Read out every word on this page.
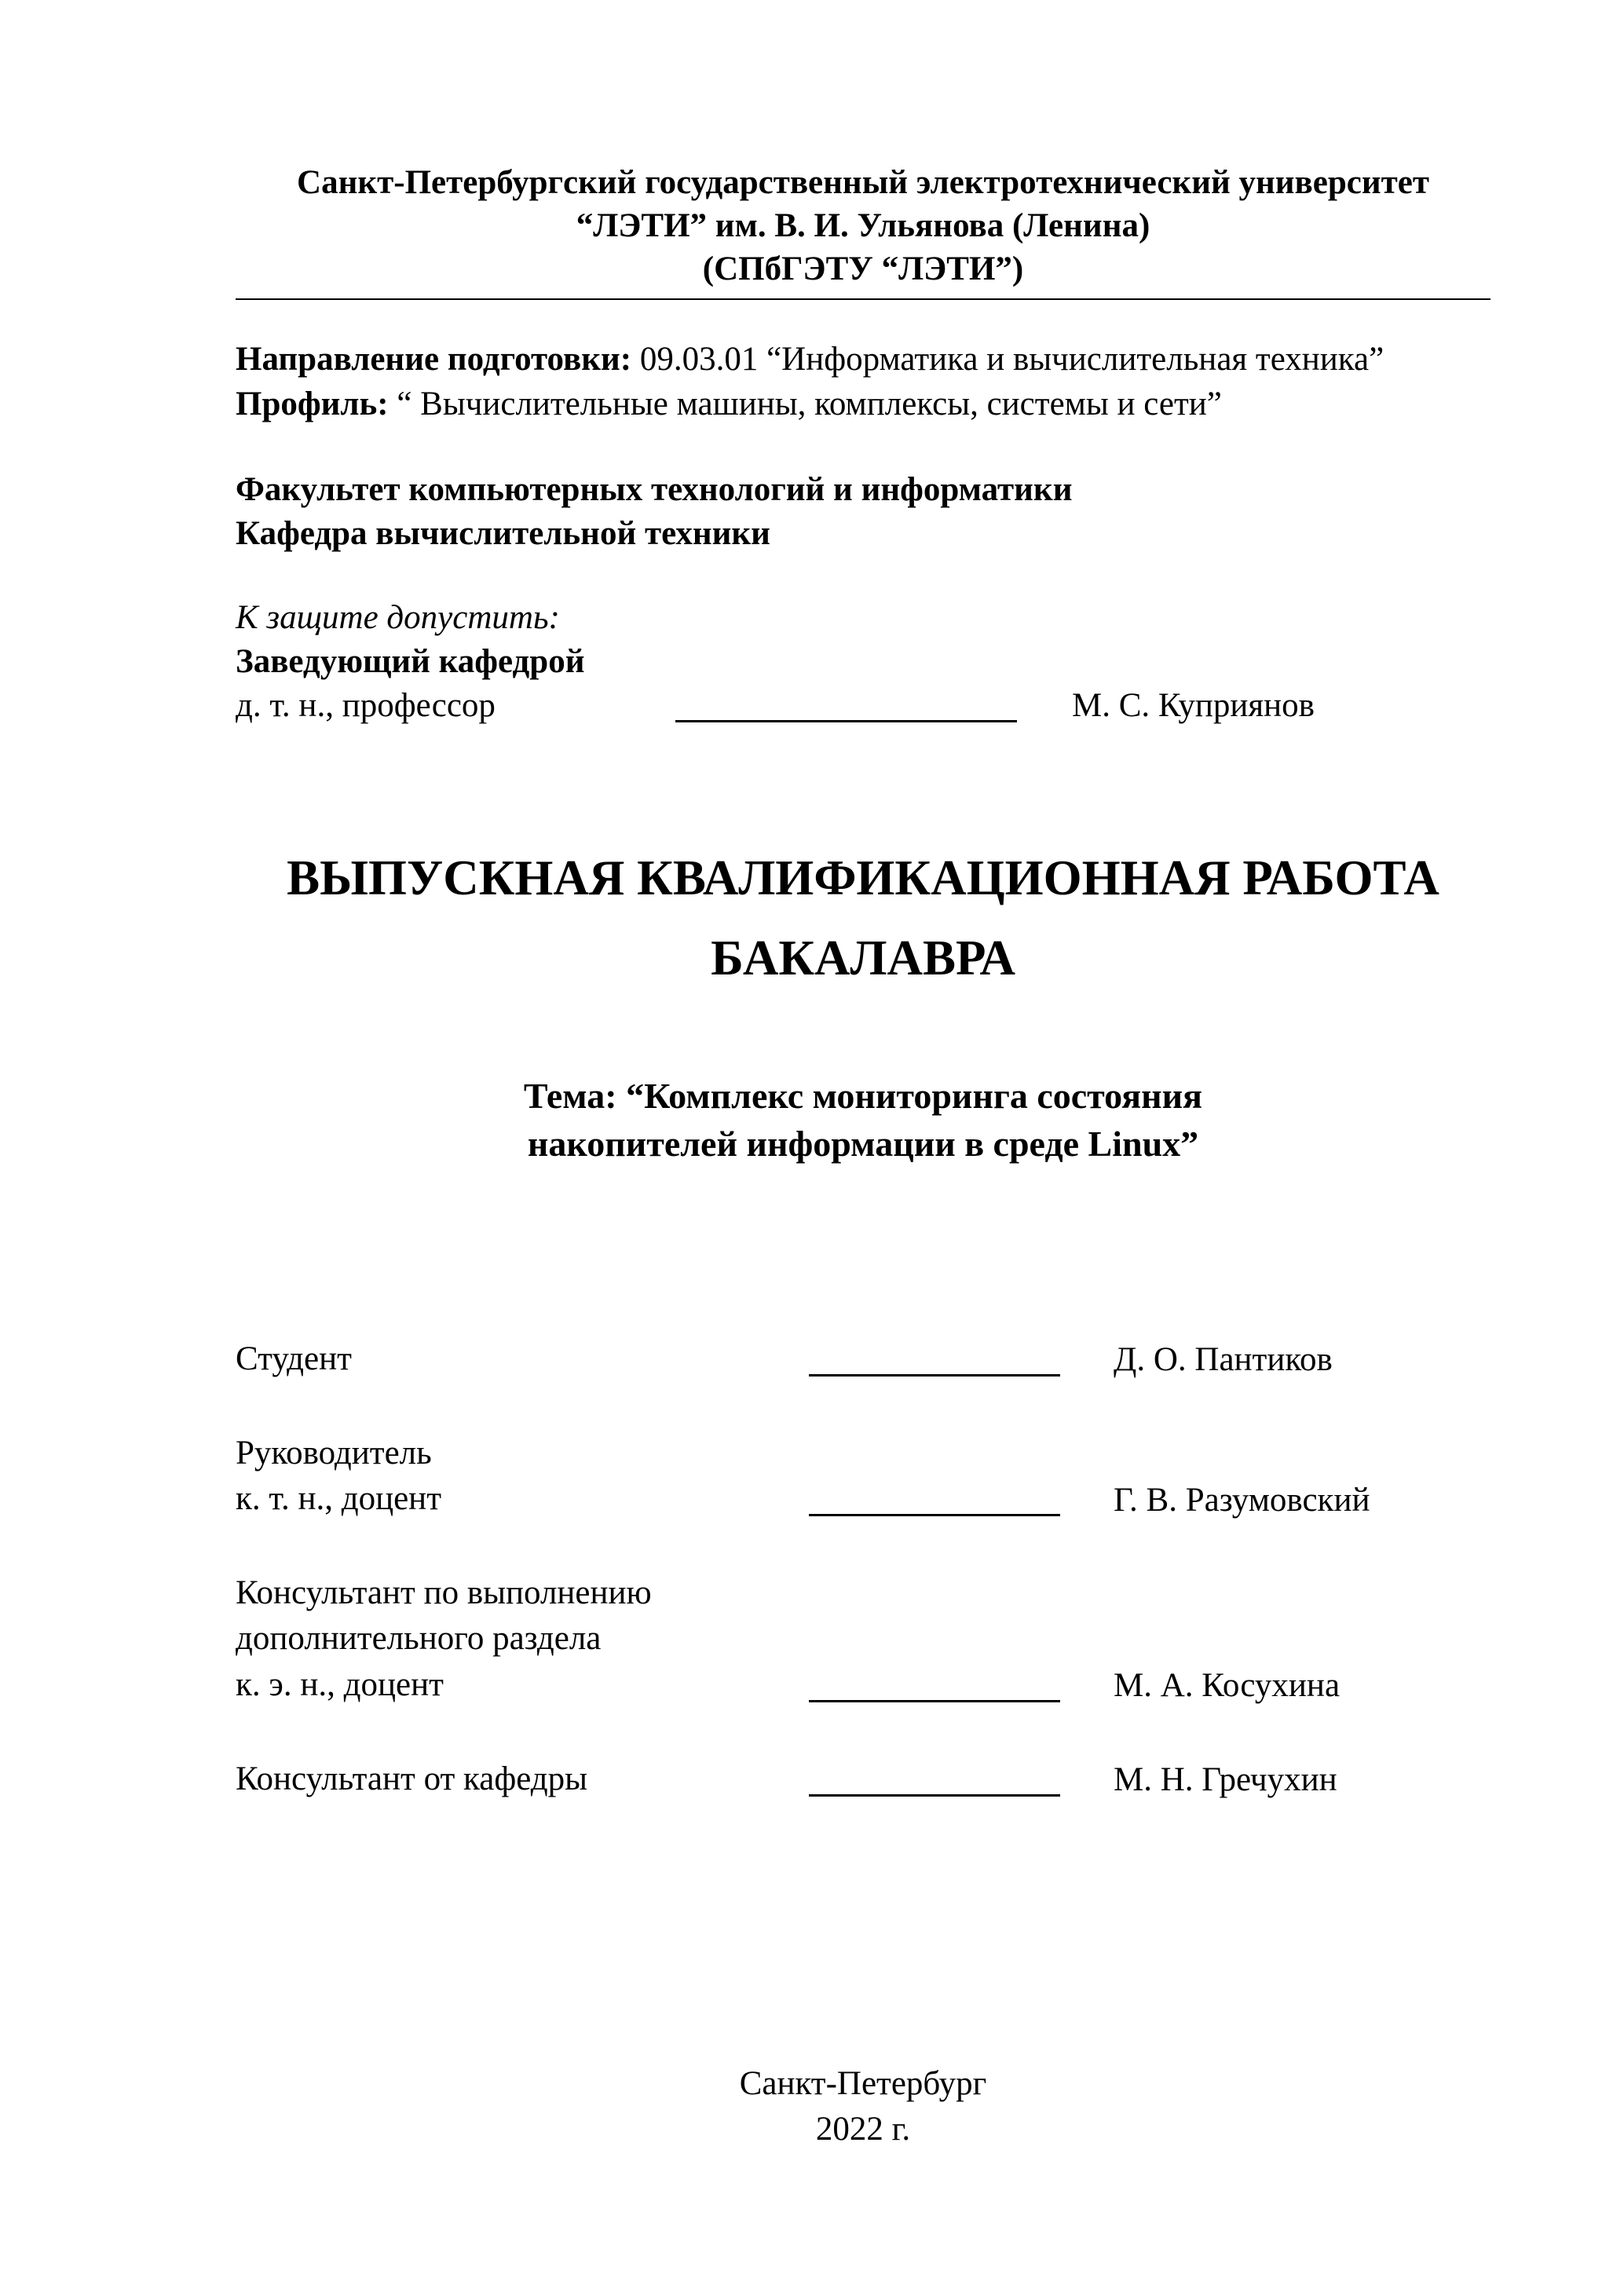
Санкт-Петербургский государственный электротехнический университет
“ЛЭТИ” им. В. И. Ульянова (Ленина)
(СПбГЭТУ “ЛЭТИ”)
Направление подготовки: 09.03.01 “Информатика и вычислительная техника”
Профиль: “ Вычислительные машины, комплексы, системы и сети”
Факультет компьютерных технологий и информатики
Кафедра вычислительной техники
К защите допустить:
Заведующий кафедрой
д. т. н., профессор	М. С. Куприянов
ВЫПУСКНАЯ КВАЛИФИКАЦИОННАЯ РАБОТА
БАКАЛАВРА
Тема: “Комплекс мониторинга состояния
накопителей информации в среде Linux”
Студент	Д. О. Пантиков
Руководитель
к. т. н., доцент	Г. В. Разумовский
Консультант по выполнению
дополнительного раздела
к. э. н., доцент	М. А. Косухина
Консультант от кафедры	М. Н. Гречухин
Санкт-Петербург
2022 г.
